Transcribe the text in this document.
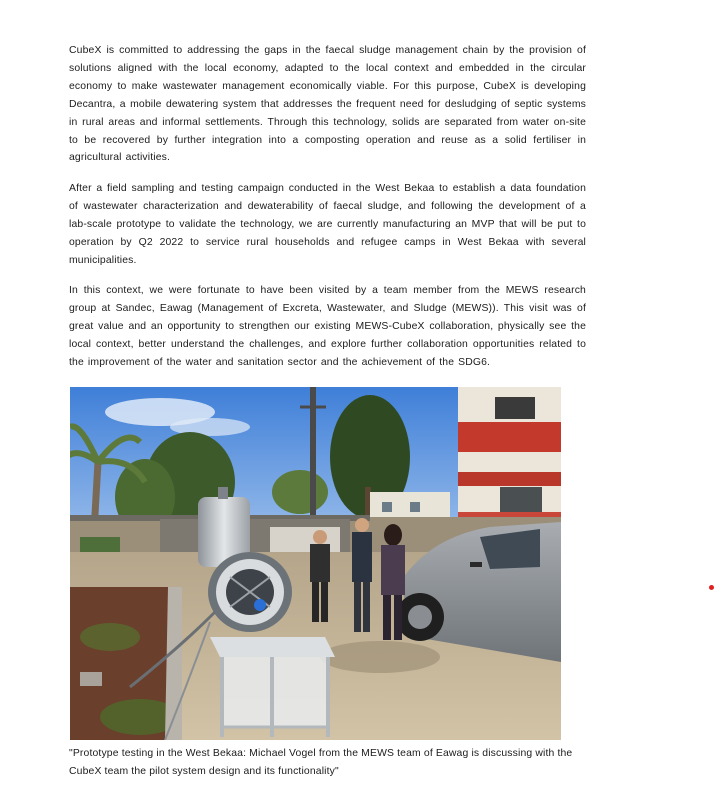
CubeX is committed to addressing the gaps in the faecal sludge management chain by the provision of solutions aligned with the local economy, adapted to the local context and embedded in the circular economy to make wastewater management economically viable. For this purpose, CubeX is developing Decantra, a mobile dewatering system that addresses the frequent need for desludging of septic systems in rural areas and informal settlements. Through this technology, solids are separated from water on-site to be recovered by further integration into a composting operation and reuse as a solid fertiliser in agricultural activities.

After a field sampling and testing campaign conducted in the West Bekaa to establish a data foundation of wastewater characterization and dewaterability of faecal sludge, and following the development of a lab-scale prototype to validate the technology, we are currently manufacturing an MVP that will be put to operation by Q2 2022 to service rural households and refugee camps in West Bekaa with several municipalities.

In this context, we were fortunate to have been visited by a team member from the MEWS research group at Sandec, Eawag (Management of Excreta, Wastewater, and Sludge (MEWS)). This visit was of great value and an opportunity to strengthen our existing MEWS-CubeX collaboration, physically see the local context, better understand the challenges, and explore further collaboration opportunities related to the improvement of the water and sanitation sector and the achievement of the SDG6.

"Prototype testing in the West Bekaa: Michael Vogel from the MEWS team of Eawag is discussing with the CubeX team the pilot system design and its functionality"
